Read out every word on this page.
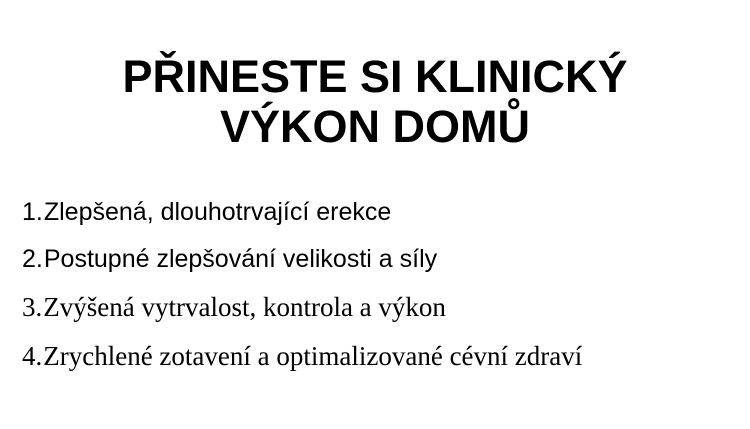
PŘINESTE SI KLINICKÝ
VÝKON DOMŮ
1. Zlepšená, dlouhotrvající erekce
2. Postupné zlepšování velikosti a síly
3. Zvýšená vytrvalost, kontrola a výkon
4. Zrychlené zotavení a optimalizované cévní zdraví
